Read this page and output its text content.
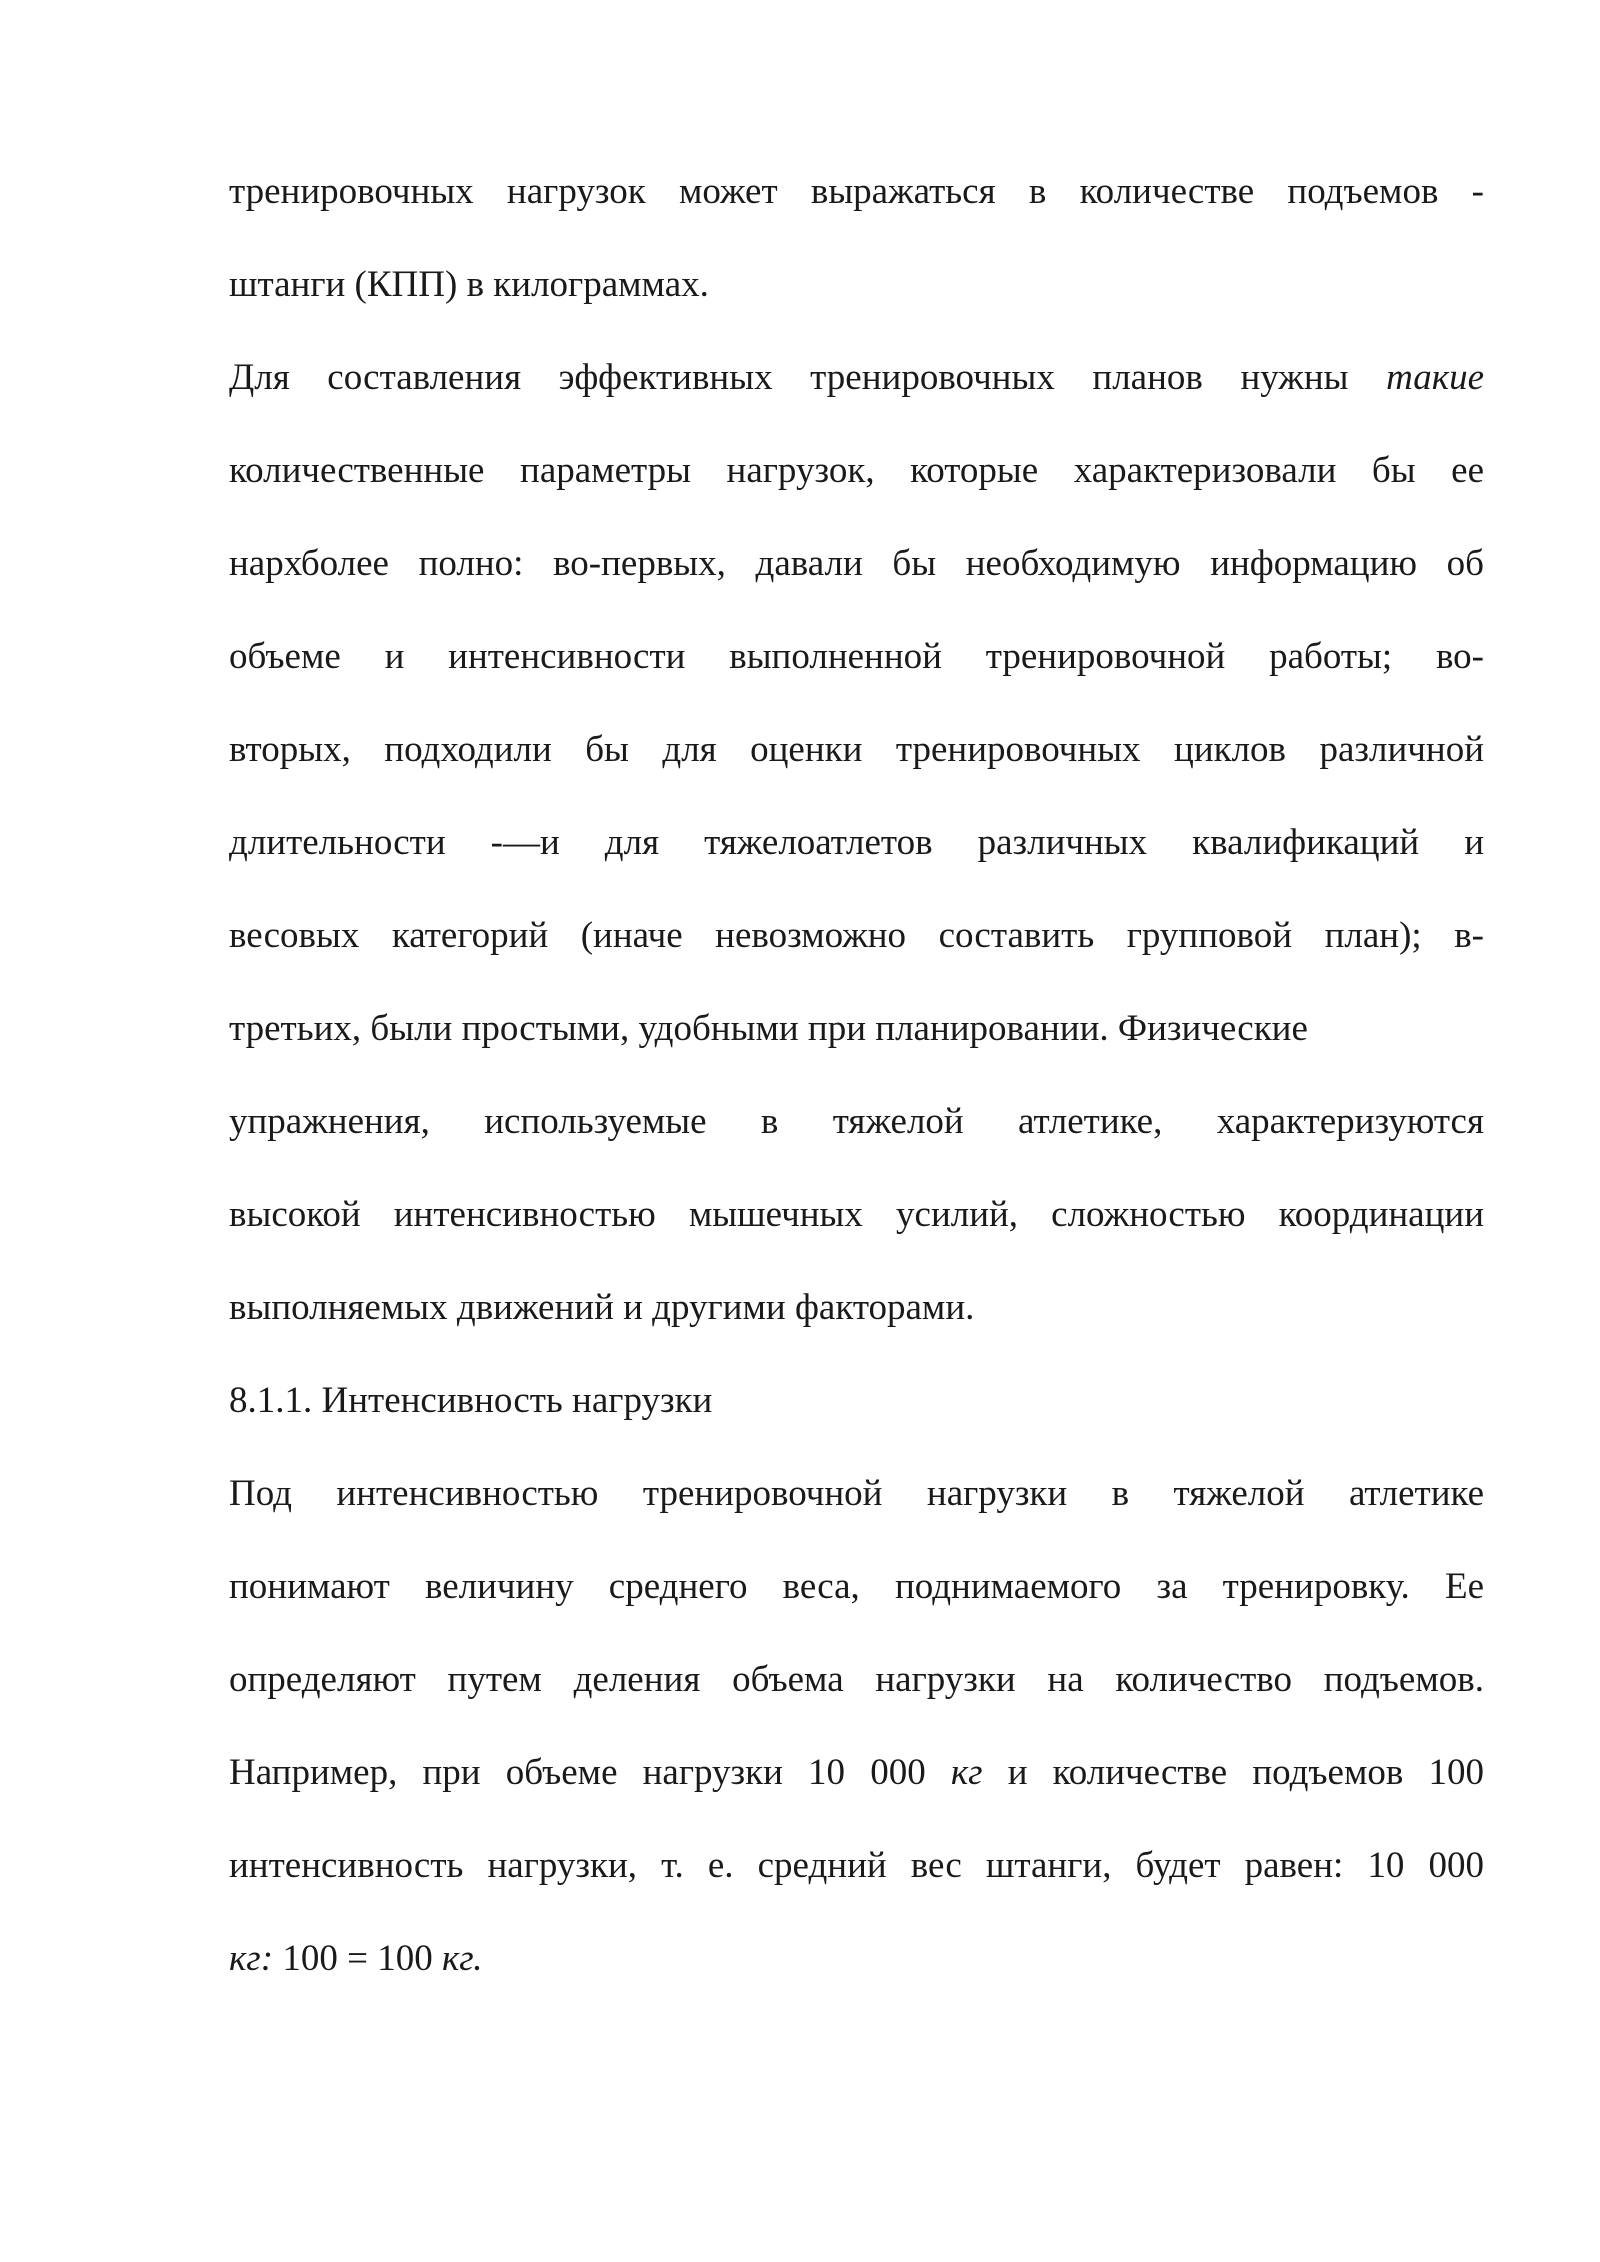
тренировочных нагрузок может выражаться в количестве подъемов -

штанги (КПП) в килограммах.

Для составления эффективных тренировочных планов нужны такие

количественные параметры нагрузок, которые характеризовали бы ее

нархболее полно: во-первых, давали бы необходимую информацию об

объеме и интенсивности выполненной тренировочной работы; во-

вторых, подходили бы для оценки тренировочных циклов различной

длительности -—и для тяжелоатлетов различных квалификаций и

весовых категорий (иначе невозможно составить групповой план); в-

третьих, были простыми, удобными при планировании. Физические

упражнения, используемые в тяжелой атлетике, характеризуются

высокой интенсивностью мышечных усилий, сложностью координации

выполняемых движений и другими факторами.

8.1.1. Интенсивность нагрузки

Под интенсивностью тренировочной нагрузки в тяжелой атлетике

понимают величину среднего веса, поднимаемого за тренировку. Ее

определяют путем деления объема нагрузки на количество подъемов.

Например, при объеме нагрузки 10 000 кг и количестве подъемов 100

интенсивность нагрузки, т. е. средний вес штанги, будет равен: 10 000

кг: 100 = 100 кг.
